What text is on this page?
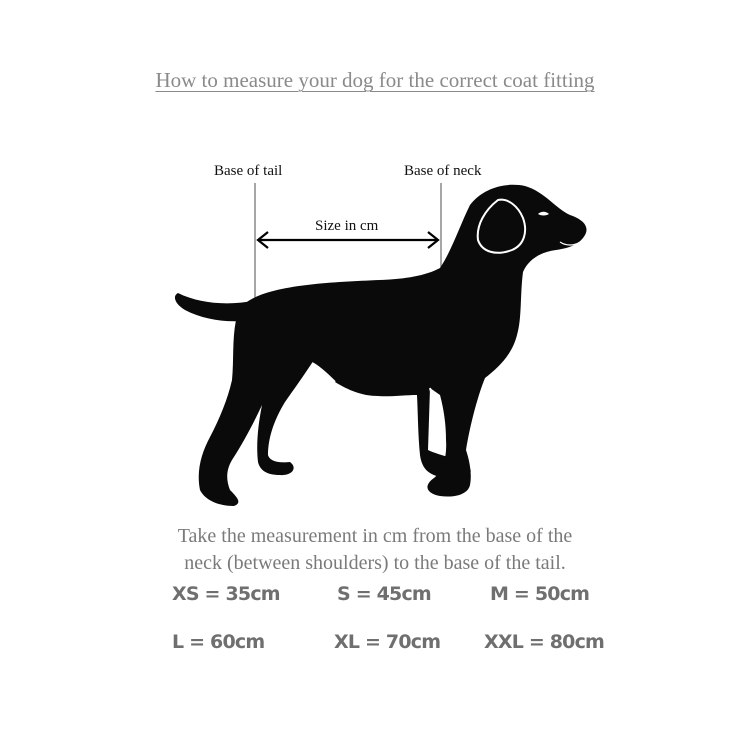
How to measure your dog for the correct coat fitting
Base of tail	Base of neck
Size in cm
Take the measurement in cm from the base of the
neck (between shoulders) to the base of the tail.
XS = 35cm	S = 45cm	M = 50cm
L = 60cm	XL = 70cm XXL = 80cm
